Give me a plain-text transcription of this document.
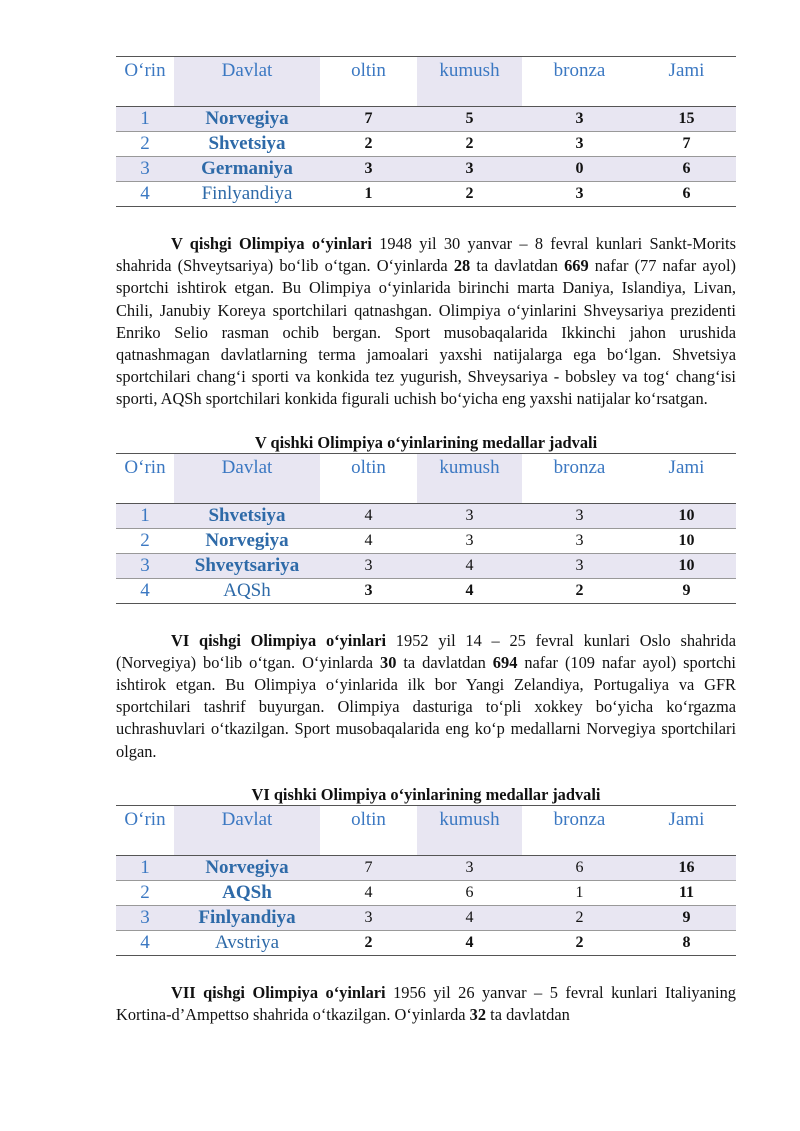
O‘rin	Davlat	oltin	kumush	bronza	Jami
1	Norvegiya	7	5	3	15
2	Shvetsiya	2	2	3	7
3	Germaniya	3	3	0	6
4	Finlyandiya	1	2	3	6

V qishgi Olimpiya o‘yinlari 1948 yil 30 yanvar – 8 fevral kunlari Sankt-Morits shahrida (Shveytsariya) bo‘lib o‘tgan. O‘yinlarda 28 ta davlatdan 669 nafar (77 nafar ayol) sportchi ishtirok etgan. Bu Olimpiya o‘yinlarida birinchi marta Daniya, Islandiya, Livan, Chili, Janubiy Koreya sportchilari qatnashgan. Olimpiya o‘yinlarini Shveysariya prezidenti Enriko Selio rasman ochib bergan. Sport musobaqalarida Ikkinchi jahon urushida qatnashmagan davlatlarning terma jamoalari yaxshi natijalarga ega bo‘lgan. Shvetsiya sportchilari chang‘i sporti va konkida tez yugurish, Shveysariya - bobsley va tog‘ chang‘isi sporti, AQSh sportchilari konkida figurali uchish bo‘yicha eng yaxshi natijalar ko‘rsatgan.

V qishki Olimpiya o‘yinlarining medallar jadvali
O‘rin	Davlat	oltin	kumush	bronza	Jami
1	Shvetsiya	4	3	3	10
2	Norvegiya	4	3	3	10
3	Shveytsariya	3	4	3	10
4	AQSh	3	4	2	9

VI qishgi Olimpiya o‘yinlari 1952 yil 14 – 25 fevral kunlari Oslo shahrida (Norvegiya) bo‘lib o‘tgan. O‘yinlarda 30 ta davlatdan 694 nafar (109 nafar ayol) sportchi ishtirok etgan. Bu Olimpiya o‘yinlarida ilk bor Yangi Zelandiya, Portugaliya va GFR sportchilari tashrif buyurgan. Olimpiya dasturiga to‘pli xokkey bo‘yicha ko‘rgazma uchrashuvlari o‘tkazilgan. Sport musobaqalarida eng ko‘p medallarni Norvegiya sportchilari olgan.

VI qishki Olimpiya o‘yinlarining medallar jadvali
O‘rin	Davlat	oltin	kumush	bronza	Jami
1	Norvegiya	7	3	6	16
2	AQSh	4	6	1	11
3	Finlyandiya	3	4	2	9
4	Avstriya	2	4	2	8

VII qishgi Olimpiya o‘yinlari 1956 yil 26 yanvar – 5 fevral kunlari Italiyaning Kortina-d’Ampettso shahrida o‘tkazilgan. O‘yinlarda 32 ta davlatdan
